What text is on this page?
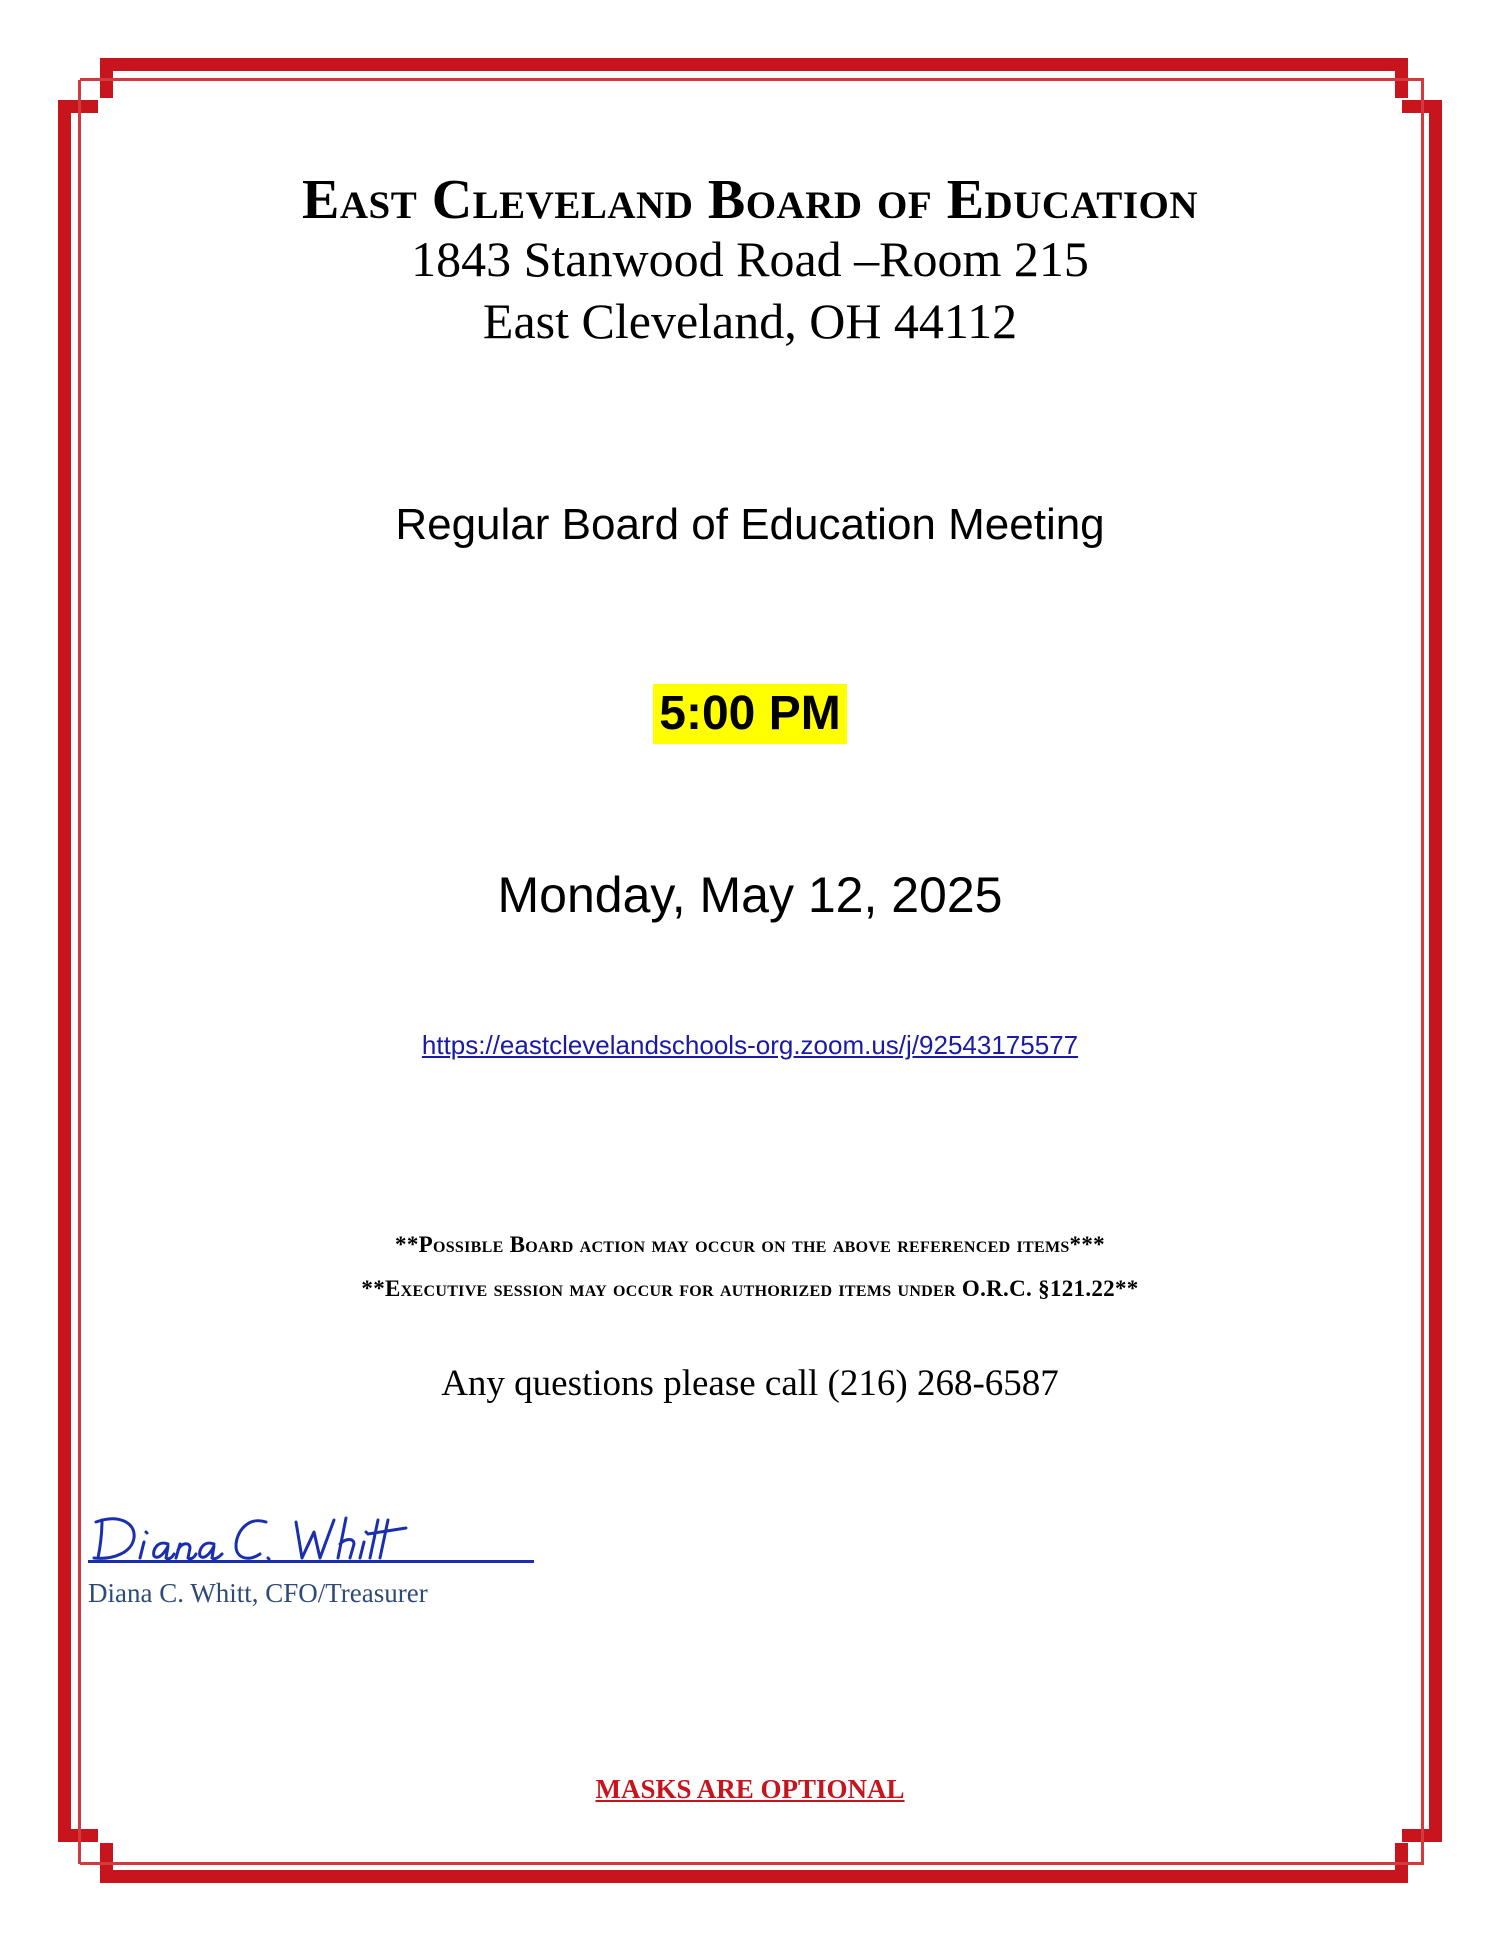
East Cleveland Board of Education
1843 Stanwood Road –Room 215
East Cleveland, OH 44112
Regular Board of Education Meeting
5:00 PM
Monday, May 12, 2025
https://eastclevelandschools-org.zoom.us/j/92543175577
**Possible Board action may occur on the above referenced items***
**Executive session may occur for authorized items under O.R.C. §121.22**
Any questions please call (216) 268-6587
Diana C. Whitt, CFO/Treasurer
MASKS ARE OPTIONAL
